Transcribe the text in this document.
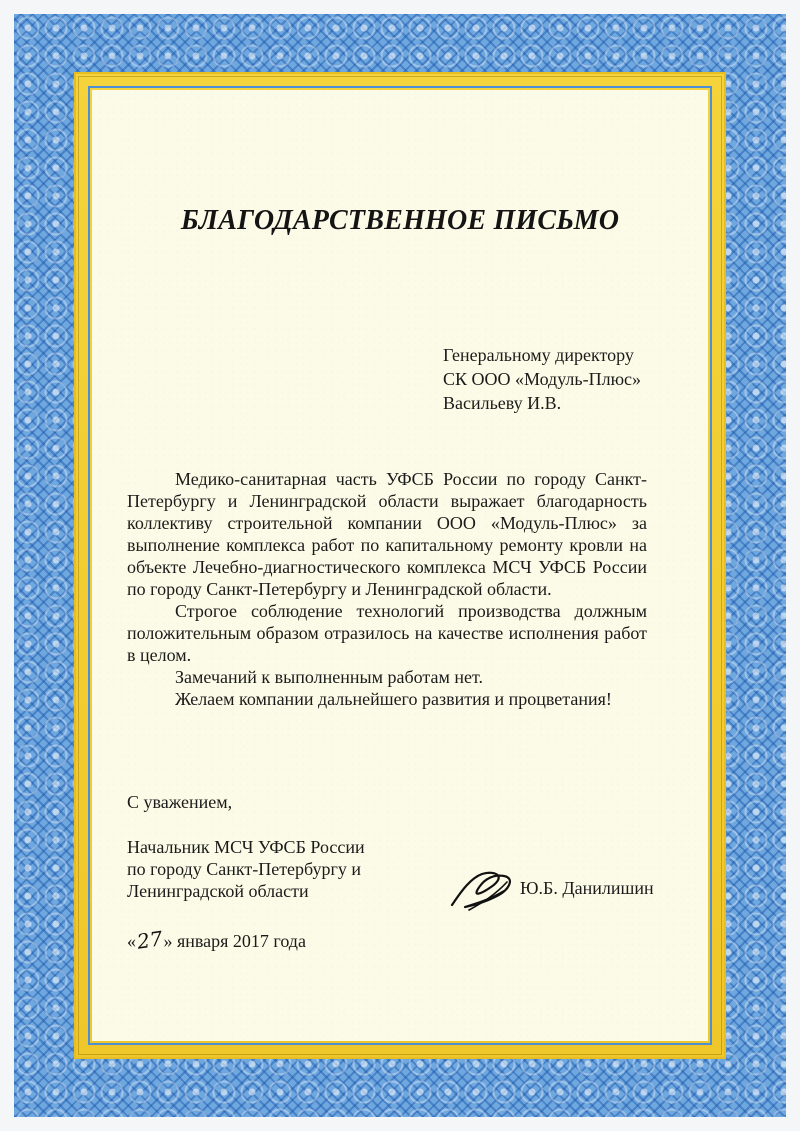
БЛАГОДАРСТВЕННОЕ ПИСЬМО
Генеральному директору
СК ООО «Модуль-Плюс»
Васильеву И.В.

Медико-санитарная часть УФСБ России по городу Санкт-Петербургу и Ленинградской области выражает благодарность коллективу строительной компании ООО «Модуль-Плюс» за выполнение комплекса работ по капитальному ремонту кровли на объекте Лечебно-диагностического комплекса МСЧ УФСБ России по городу Санкт-Петербургу и Ленинградской области.

Строгое соблюдение технологий производства должным положительным образом отразилось на качестве исполнения работ в целом.

Замечаний к выполненным работам нет.

Желаем компании дальнейшего развития и процветания!

С уважением,
Начальник МСЧ УФСБ России
по городу Санкт-Петербургу и
Ленинградской области	Ю.Б. Данилишин
«27» января 2017 года
